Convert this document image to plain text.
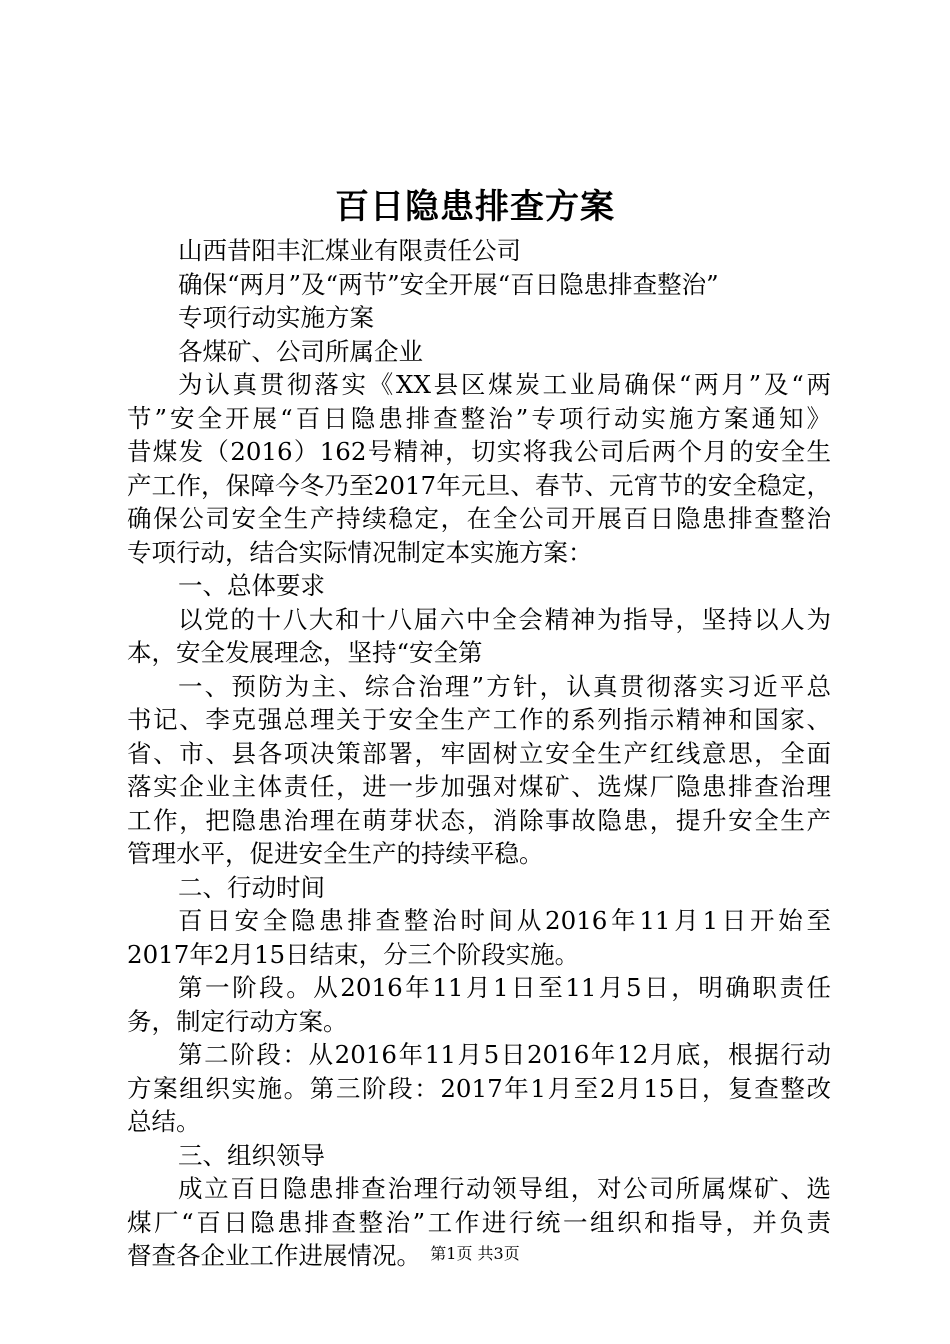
百日隐患排查方案
山西昔阳丰汇煤业有限责任公司
确保“两月”及“两节”安全开展“百日隐患排查整治”
专项行动实施方案
各煤矿、公司所属企业
为认真贯彻落实《XX县区煤炭工业局确保“两月”及“两
节”安全开展“百日隐患排查整治”专项行动实施方案通知》
昔煤发（2016）162号精神，切实将我公司后两个月的安全生
产工作，保障今冬乃至2017年元旦、春节、元宵节的安全稳定，
确保公司安全生产持续稳定，在全公司开展百日隐患排查整治
专项行动，结合实际情况制定本实施方案：
一、总体要求
以党的十八大和十八届六中全会精神为指导，坚持以人为
本，安全发展理念，坚持“安全第
一、预防为主、综合治理”方针，认真贯彻落实习近平总
书记、李克强总理关于安全生产工作的系列指示精神和国家、
省、市、县各项决策部署，牢固树立安全生产红线意思，全面
落实企业主体责任，进一步加强对煤矿、选煤厂隐患排查治理
工作，把隐患治理在萌芽状态，消除事故隐患，提升安全生产
管理水平，促进安全生产的持续平稳。
二、行动时间
百日安全隐患排查整治时间从2016年11月1日开始至
2017年2月15日结束，分三个阶段实施。
第一阶段。从2016年11月1日至11月5日，明确职责任
务，制定行动方案。
第二阶段：从2016年11月5日2016年12月底，根据行动
方案组织实施。第三阶段：2017年1月至2月15日，复查整改
总结。
三、组织领导
成立百日隐患排查治理行动领导组，对公司所属煤矿、选
煤厂“百日隐患排查整治”工作进行统一组织和指导，并负责
督查各企业工作进展情况。 第1页 共3页
